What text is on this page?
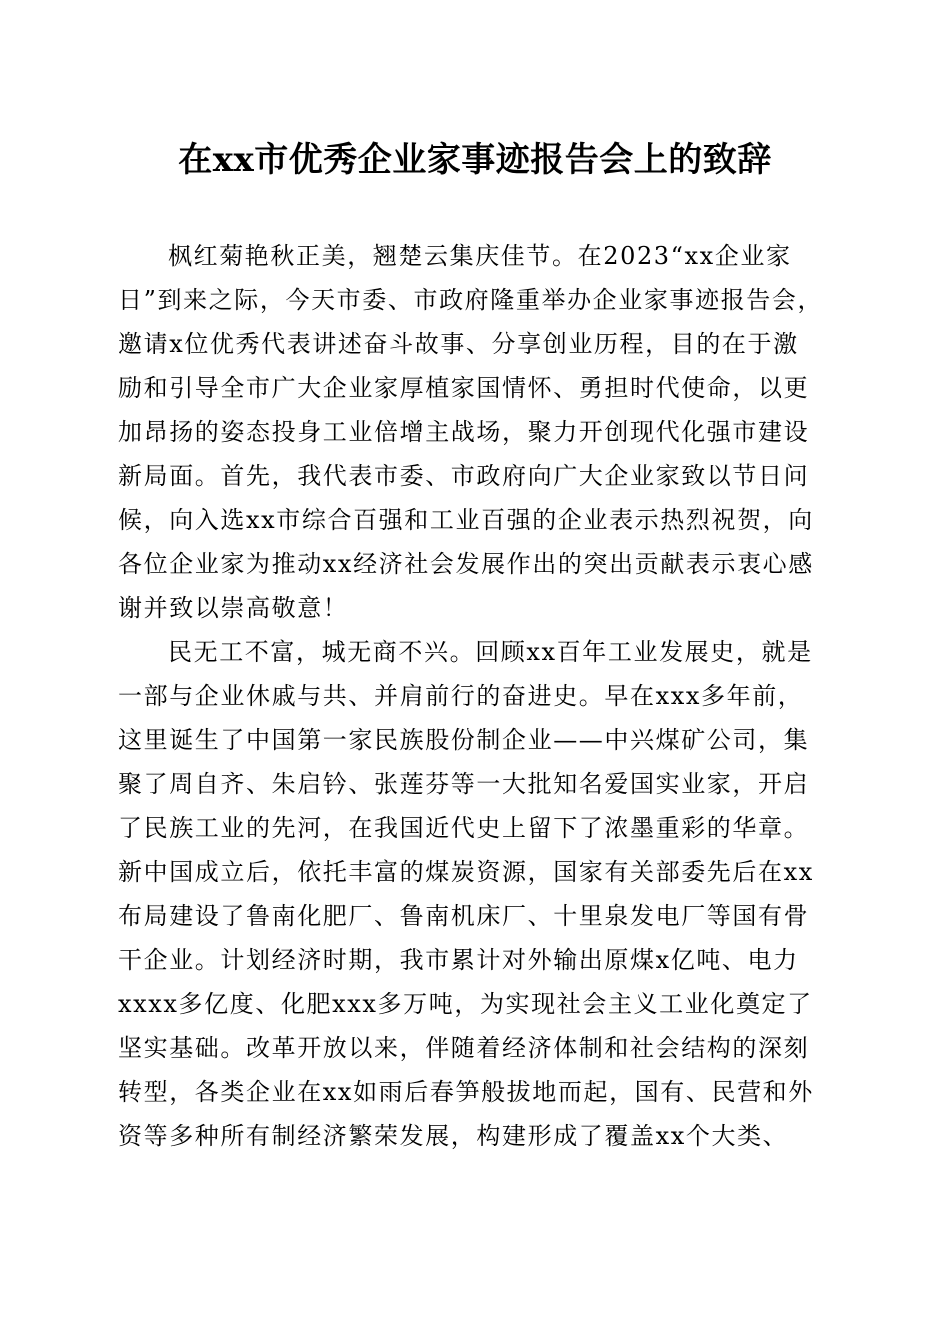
在xx市优秀企业家事迹报告会上的致辞
枫红菊艳秋正美，翘楚云集庆佳节。在2023“xx企业家
日”到来之际，今天市委、市政府隆重举办企业家事迹报告会，
邀请x位优秀代表讲述奋斗故事、分享创业历程，目的在于激
励和引导全市广大企业家厚植家国情怀、勇担时代使命，以更
加昂扬的姿态投身工业倍增主战场，聚力开创现代化强市建设
新局面。首先，我代表市委、市政府向广大企业家致以节日问
候，向入选xx市综合百强和工业百强的企业表示热烈祝贺，向
各位企业家为推动xx经济社会发展作出的突出贡献表示衷心感
谢并致以崇高敬意！
民无工不富，城无商不兴。回顾xx百年工业发展史，就是
一部与企业休戚与共、并肩前行的奋进史。早在xxx多年前，
这里诞生了中国第一家民族股份制企业——中兴煤矿公司，集
聚了周自齐、朱启钤、张莲芬等一大批知名爱国实业家，开启
了民族工业的先河，在我国近代史上留下了浓墨重彩的华章。
新中国成立后，依托丰富的煤炭资源，国家有关部委先后在xx
布局建设了鲁南化肥厂、鲁南机床厂、十里泉发电厂等国有骨
干企业。计划经济时期，我市累计对外输出原煤x亿吨、电力
xxxx多亿度、化肥xxx多万吨，为实现社会主义工业化奠定了
坚实基础。改革开放以来，伴随着经济体制和社会结构的深刻
转型，各类企业在xx如雨后春笋般拔地而起，国有、民营和外
资等多种所有制经济繁荣发展，构建形成了覆盖xx个大类、
